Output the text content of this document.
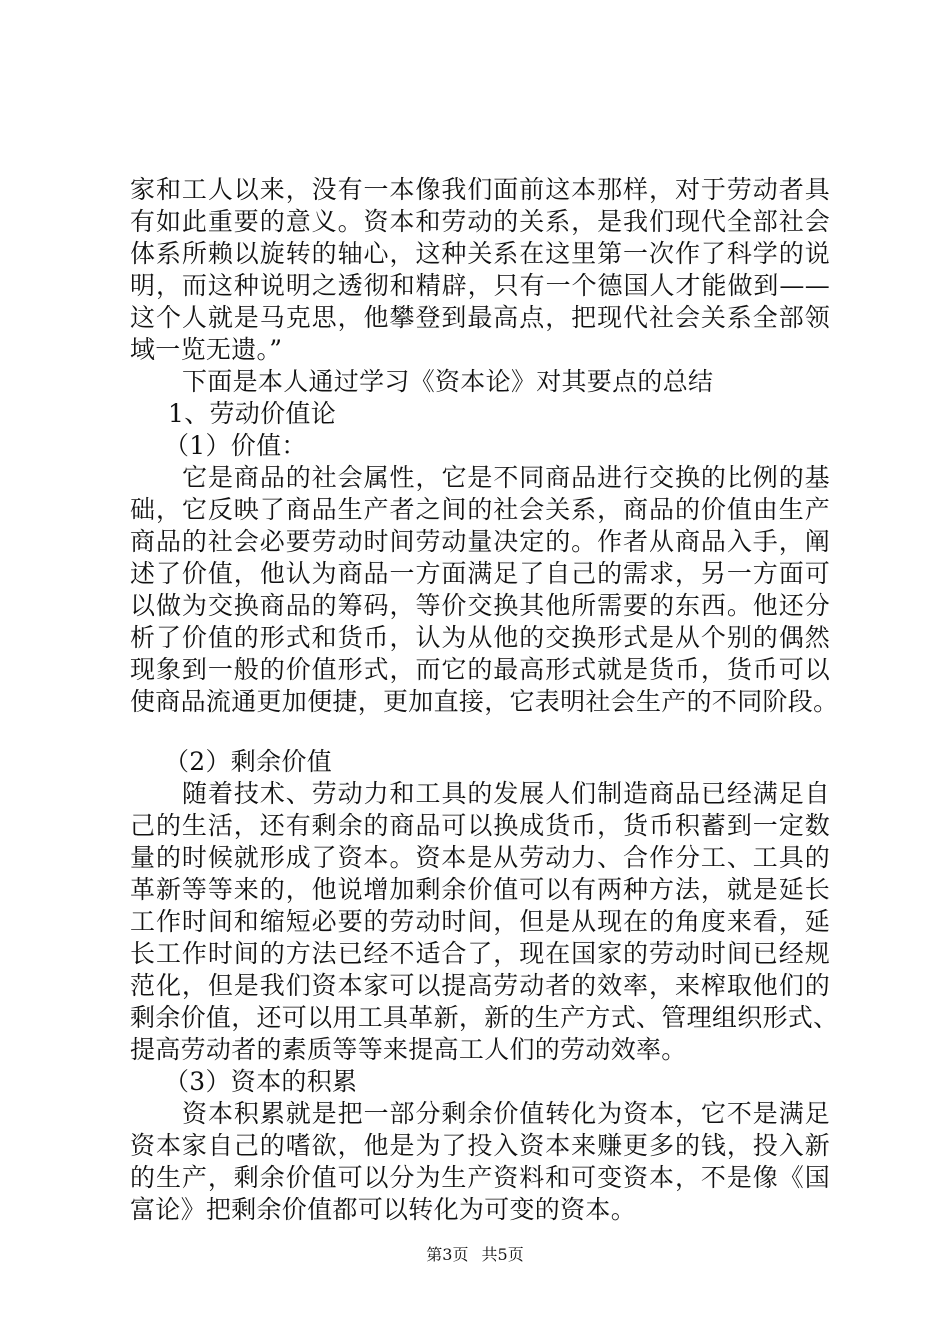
家和工人以来，没有一本像我们面前这本那样，对于劳动者具
有如此重要的意义。资本和劳动的关系，是我们现代全部社会
体系所赖以旋转的轴心，这种关系在这里第一次作了科学的说
明，而这种说明之透彻和精辟，只有一个德国人才能做到——
这个人就是马克思，他攀登到最高点，把现代社会关系全部领
域一览无遗。”
下面是本人通过学习《资本论》对其要点的总结
1、劳动价值论
（1）价值：
它是商品的社会属性，它是不同商品进行交换的比例的基
础，它反映了商品生产者之间的社会关系，商品的价值由生产
商品的社会必要劳动时间劳动量决定的。作者从商品入手，阐
述了价值，他认为商品一方面满足了自己的需求，另一方面可
以做为交换商品的筹码，等价交换其他所需要的东西。他还分
析了价值的形式和货币，认为从他的交换形式是从个别的偶然
现象到一般的价值形式，而它的最高形式就是货币，货币可以
使商品流通更加便捷，更加直接，它表明社会生产的不同阶段。
（2）剩余价值
随着技术、劳动力和工具的发展人们制造商品已经满足自
己的生活，还有剩余的商品可以换成货币，货币积蓄到一定数
量的时候就形成了资本。资本是从劳动力、合作分工、工具的
革新等等来的，他说增加剩余价值可以有两种方法，就是延长
工作时间和缩短必要的劳动时间，但是从现在的角度来看，延
长工作时间的方法已经不适合了，现在国家的劳动时间已经规
范化，但是我们资本家可以提高劳动者的效率，来榨取他们的
剩余价值，还可以用工具革新，新的生产方式、管理组织形式、
提高劳动者的素质等等来提高工人们的劳动效率。
（3）资本的积累
资本积累就是把一部分剩余价值转化为资本，它不是满足
资本家自己的嗜欲，他是为了投入资本来赚更多的钱，投入新
的生产，剩余价值可以分为生产资料和可变资本，不是像《国
富论》把剩余价值都可以转化为可变的资本。
第3页 共5页
